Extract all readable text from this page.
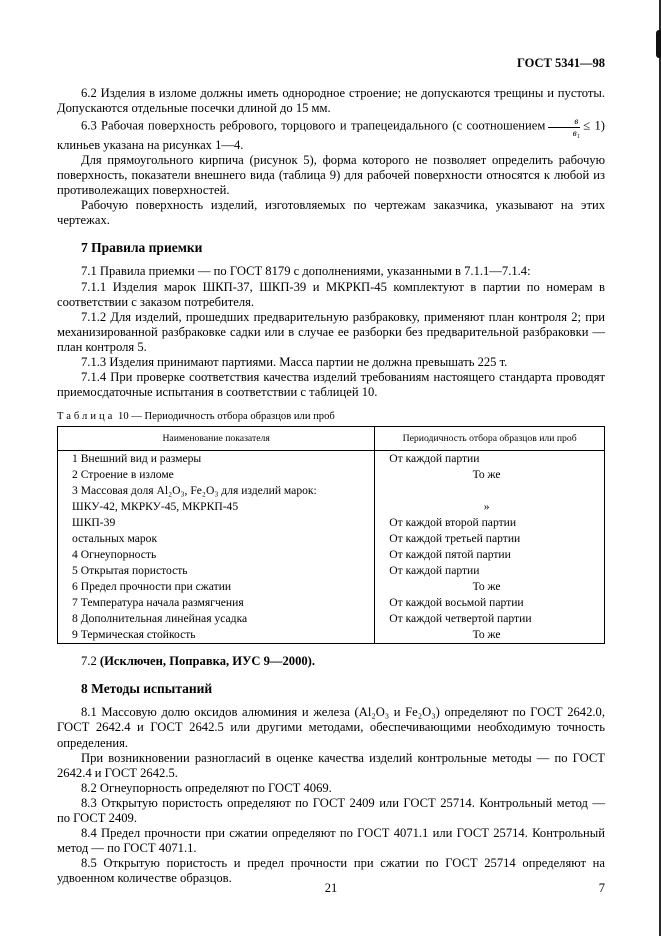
ГОСТ 5341—98

6.2 Изделия в изломе должны иметь однородное строение; не допускаются трещины и пустоты. Допускаются отдельные посечки длиной до 15 мм.

6.3 Рабочая поверхность ребрового, торцового и трапецеидального (с соотношением $\frac{в}{\text{в₁}} \le 1$) клиньев указана на рисунках 1—4.

Для прямоугольного кирпича (рисунок 5), форма которого не позволяет определить рабочую поверхность, показатели внешнего вида (таблица 9) для рабочей поверхности относятся к любой из противолежащих поверхностей.

Рабочую поверхность изделий, изготовляемых по чертежам заказчика, указывают на этих чертежах.

7 Правила приемки

7.1 Правила приемки — по ГОСТ 8179 с дополнениями, указанными в 7.1.1—7.1.4:

7.1.1 Изделия марок ШКП-37, ШКП-39 и МКРКП-45 комплектуют в партии по номерам в соответствии с заказом потребителя.

7.1.2 Для изделий, прошедших предварительную разбраковку, применяют план контроля 2; при механизированной разбраковке садки или в случае ее разборки без предварительной разбраковки — план контроля 5.

7.1.3 Изделия принимают партиями. Масса партии не должна превышать 225 т.

7.1.4 При проверке соответствия качества изделий требованиям настоящего стандарта проводят приемосдаточные испытания в соответствии с таблицей 10.

Таблица 10 — Периодичность отбора образцов или проб
Наименование показателя	Периодичность отбора образцов или проб
1 Внешний вид и размеры	От каждой партии
2 Строение в изломе	То же
3 Массовая доля Al₂O₃, Fe₂O₃ для изделий марок:	
ШКУ-42, МКРКУ-45, МКРКП-45	»
ШКП-39	От каждой второй партии
остальных марок	От каждой третьей партии
4 Огнеупорность	От каждой пятой партии
5 Открытая пористость	От каждой партии
6 Предел прочности при сжатии	То же
7 Температура начала размягчения	От каждой восьмой партии
8 Дополнительная линейная усадка	От каждой четвертой партии
9 Термическая стойкость	То же

7.2 (Исключен, Поправка, ИУС 9—2000).

8 Методы испытаний

8.1 Массовую долю оксидов алюминия и железа (Al₂O₃ и Fe₂O₃) определяют по ГОСТ 2642.0, ГОСТ 2642.4 и ГОСТ 2642.5 или другими методами, обеспечивающими необходимую точность определения.

При возникновении разногласий в оценке качества изделий контрольные методы — по ГОСТ 2642.4 и ГОСТ 2642.5.

8.2 Огнеупорность определяют по ГОСТ 4069.

8.3 Открытую пористость определяют по ГОСТ 2409 или ГОСТ 25714. Контрольный метод — по ГОСТ 2409.

8.4 Предел прочности при сжатии определяют по ГОСТ 4071.1 или ГОСТ 25714. Контрольный метод — по ГОСТ 4071.1.

8.5 Открытую пористость и предел прочности при сжатии по ГОСТ 25714 определяют на удвоенном количестве образцов.

21	7
